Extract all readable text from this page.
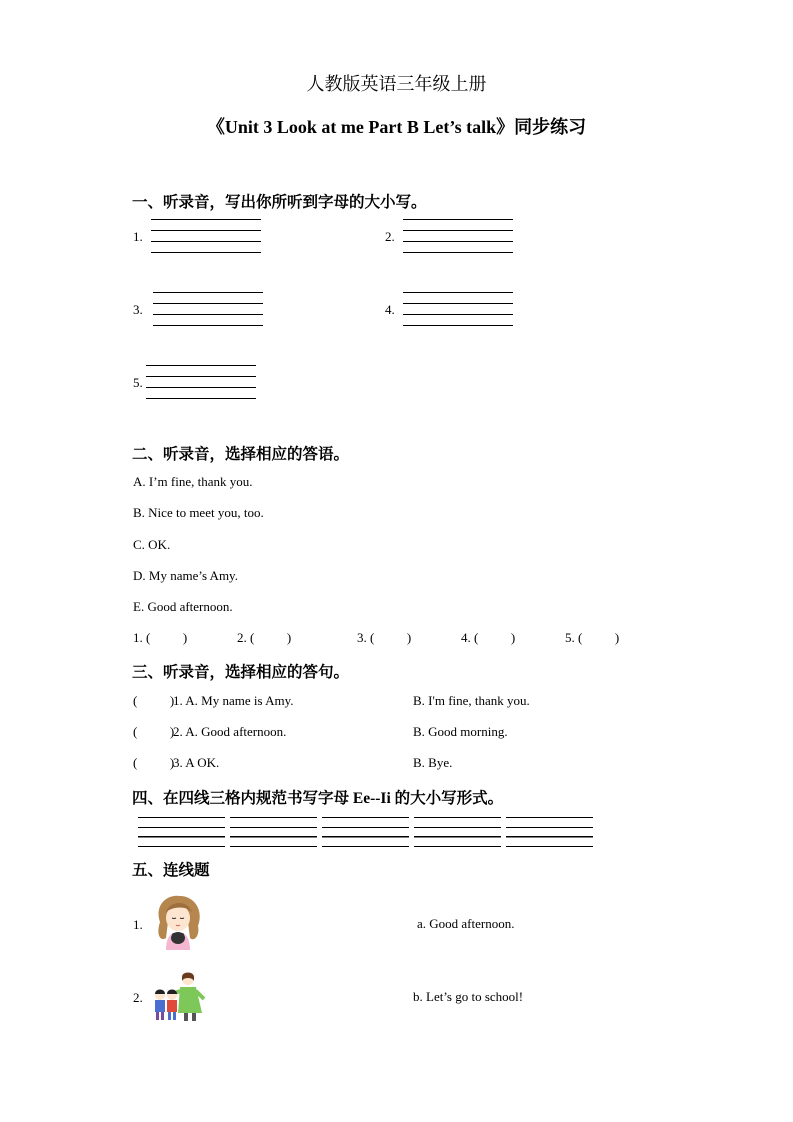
人教版英语三年级上册
《Unit 3 Look at me Part B Let’s talk》同步练习
一、听录音，写出你所听到字母的大小写。
1.	2.
3.	4.
5.
二、听录音，选择相应的答语。
A. I’m fine, thank you.
B. Nice to meet you, too.
C. OK.
D. My name’s Amy.
E. Good afternoon.
1. (          )	2. (          )	3. (          )	4. (          )	5. (          )
三、听录音，选择相应的答句。
(          )
1. A. My name is Amy.	B. I'm fine, thank you.
(          )
2. A. Good afternoon.	B. Good morning.
(          )
3. A OK.	B. Bye.
四、在四线三格内规范书写字母 Ee--Ii 的大小写形式。
五、连线题
1.	a. Good afternoon.
2.	b. Let’s go to school!
